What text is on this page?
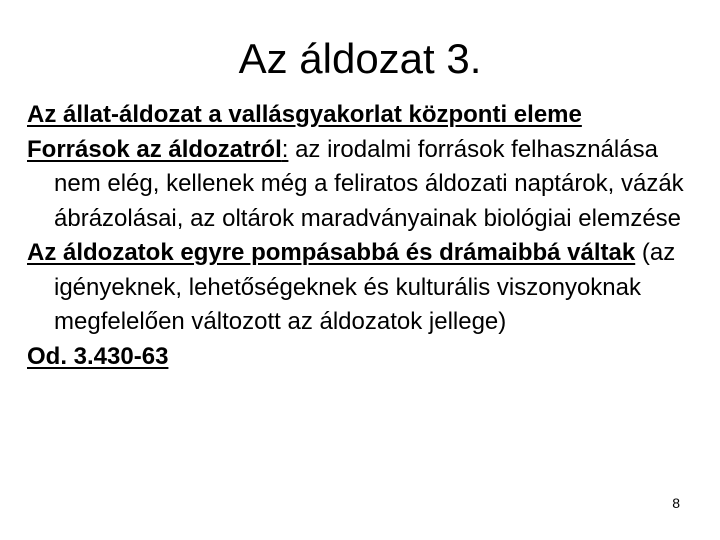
Az áldozat 3.

Az állat-áldozat a vallásgyakorlat központi eleme

Források az áldozatról: az irodalmi források felhasználása nem elég, kellenek még a feliratos áldozati naptárok, vázák ábrázolásai, az oltárok maradványainak biológiai elemzése

Az áldozatok egyre pompásabbá és drámaibbá váltak (az igényeknek, lehetőségeknek és kulturális viszonyoknak megfelelően változott az áldozatok jellege)

Od. 3.430-63

8
